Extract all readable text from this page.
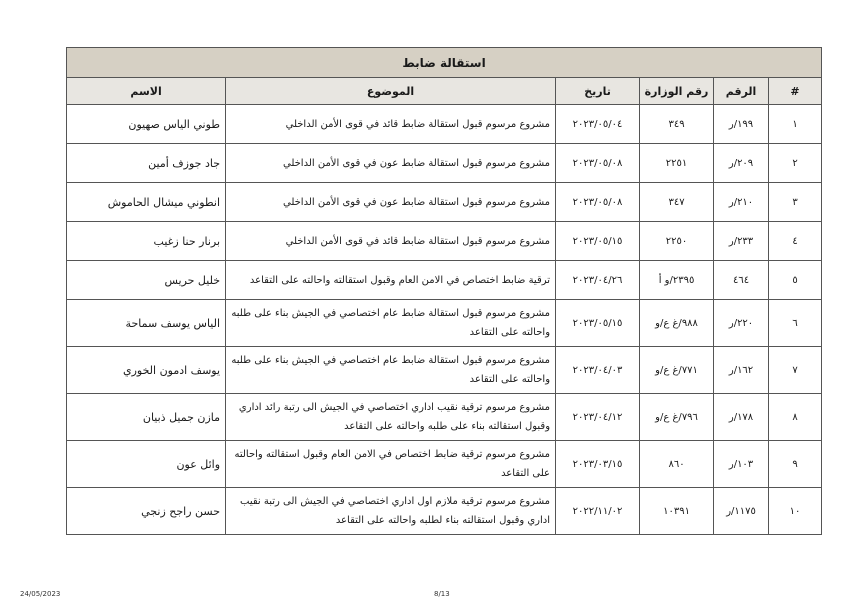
استقالة ضابط					
#	الرقم	رقم الوزارة	تاريخ	الموضوع	الاسم
١	١٩٩/ر	٣٤٩	٢٠٢٣/٠٥/٠٤	مشروع مرسوم قبول استقالة ضابط قائد في قوى الأمن الداخلي	طوني الياس صهيون
٢	٢٠٩/ر	٢٢٥١	٢٠٢٣/٠٥/٠٨	مشروع مرسوم قبول استقالة ضابط عون في قوى الأمن الداخلي	جاد جوزف أمين
٣	٢١٠/ر	٣٤٧	٢٠٢٣/٠٥/٠٨	مشروع مرسوم قبول استقالة ضابط عون في قوى الأمن الداخلي	انطوني ميشال الحاموش
٤	٢٣٣/ر	٢٢٥٠	٢٠٢٣/٠٥/١٥	مشروع مرسوم قبول استقالة ضابط قائد في قوى الأمن الداخلي	برنار حنا زغيب
٥	٤٦٤	٢٣٩٥/و أ	٢٠٢٣/٠٤/٢٦	ترقية ضابط اختصاص في الامن العام وقبول استقالته واحالته على التقاعد	خليل حريس
٦	٢٢٠/ر	٩٨٨/غ ع/و	٢٠٢٣/٠٥/١٥	مشروع مرسوم قبول استقالة ضابط عام اختصاصي في الجيش بناء على طلبه واحالته على التقاعد	الياس يوسف سماحة
٧	١٦٢/ر	٧٧١/غ ع/و	٢٠٢٣/٠٤/٠٣	مشروع مرسوم قبول استقالة ضابط عام اختصاصي في الجيش بناء على طلبه واحالته على التقاعد	يوسف ادمون الخوري
٨	١٧٨/ر	٧٩٦/غ ع/و	٢٠٢٣/٠٤/١٢	مشروع مرسوم ترقية نقيب اداري اختصاصي في الجيش الى رتبة رائد اداري وقبول استقالته بناء على طلبه واحالته على التقاعد	مازن جميل ذبيان
٩	١٠٣/ر	٨٦٠	٢٠٢٣/٠٣/١٥	مشروع مرسوم ترقية ضابط اختصاص في الامن العام وقبول استقالته واحالته على التقاعد	وائل عون
١٠	١١٧٥/ر	١٠٣٩١	٢٠٢٢/١١/٠٢	مشروع مرسوم ترقية ملازم اول اداري اختصاصي في الجيش الى رتبة نقيب اداري وقبول استقالته بناء لطلبه واحالته على التقاعد	حسن راجح زنجي
24/05/2023	8/13
